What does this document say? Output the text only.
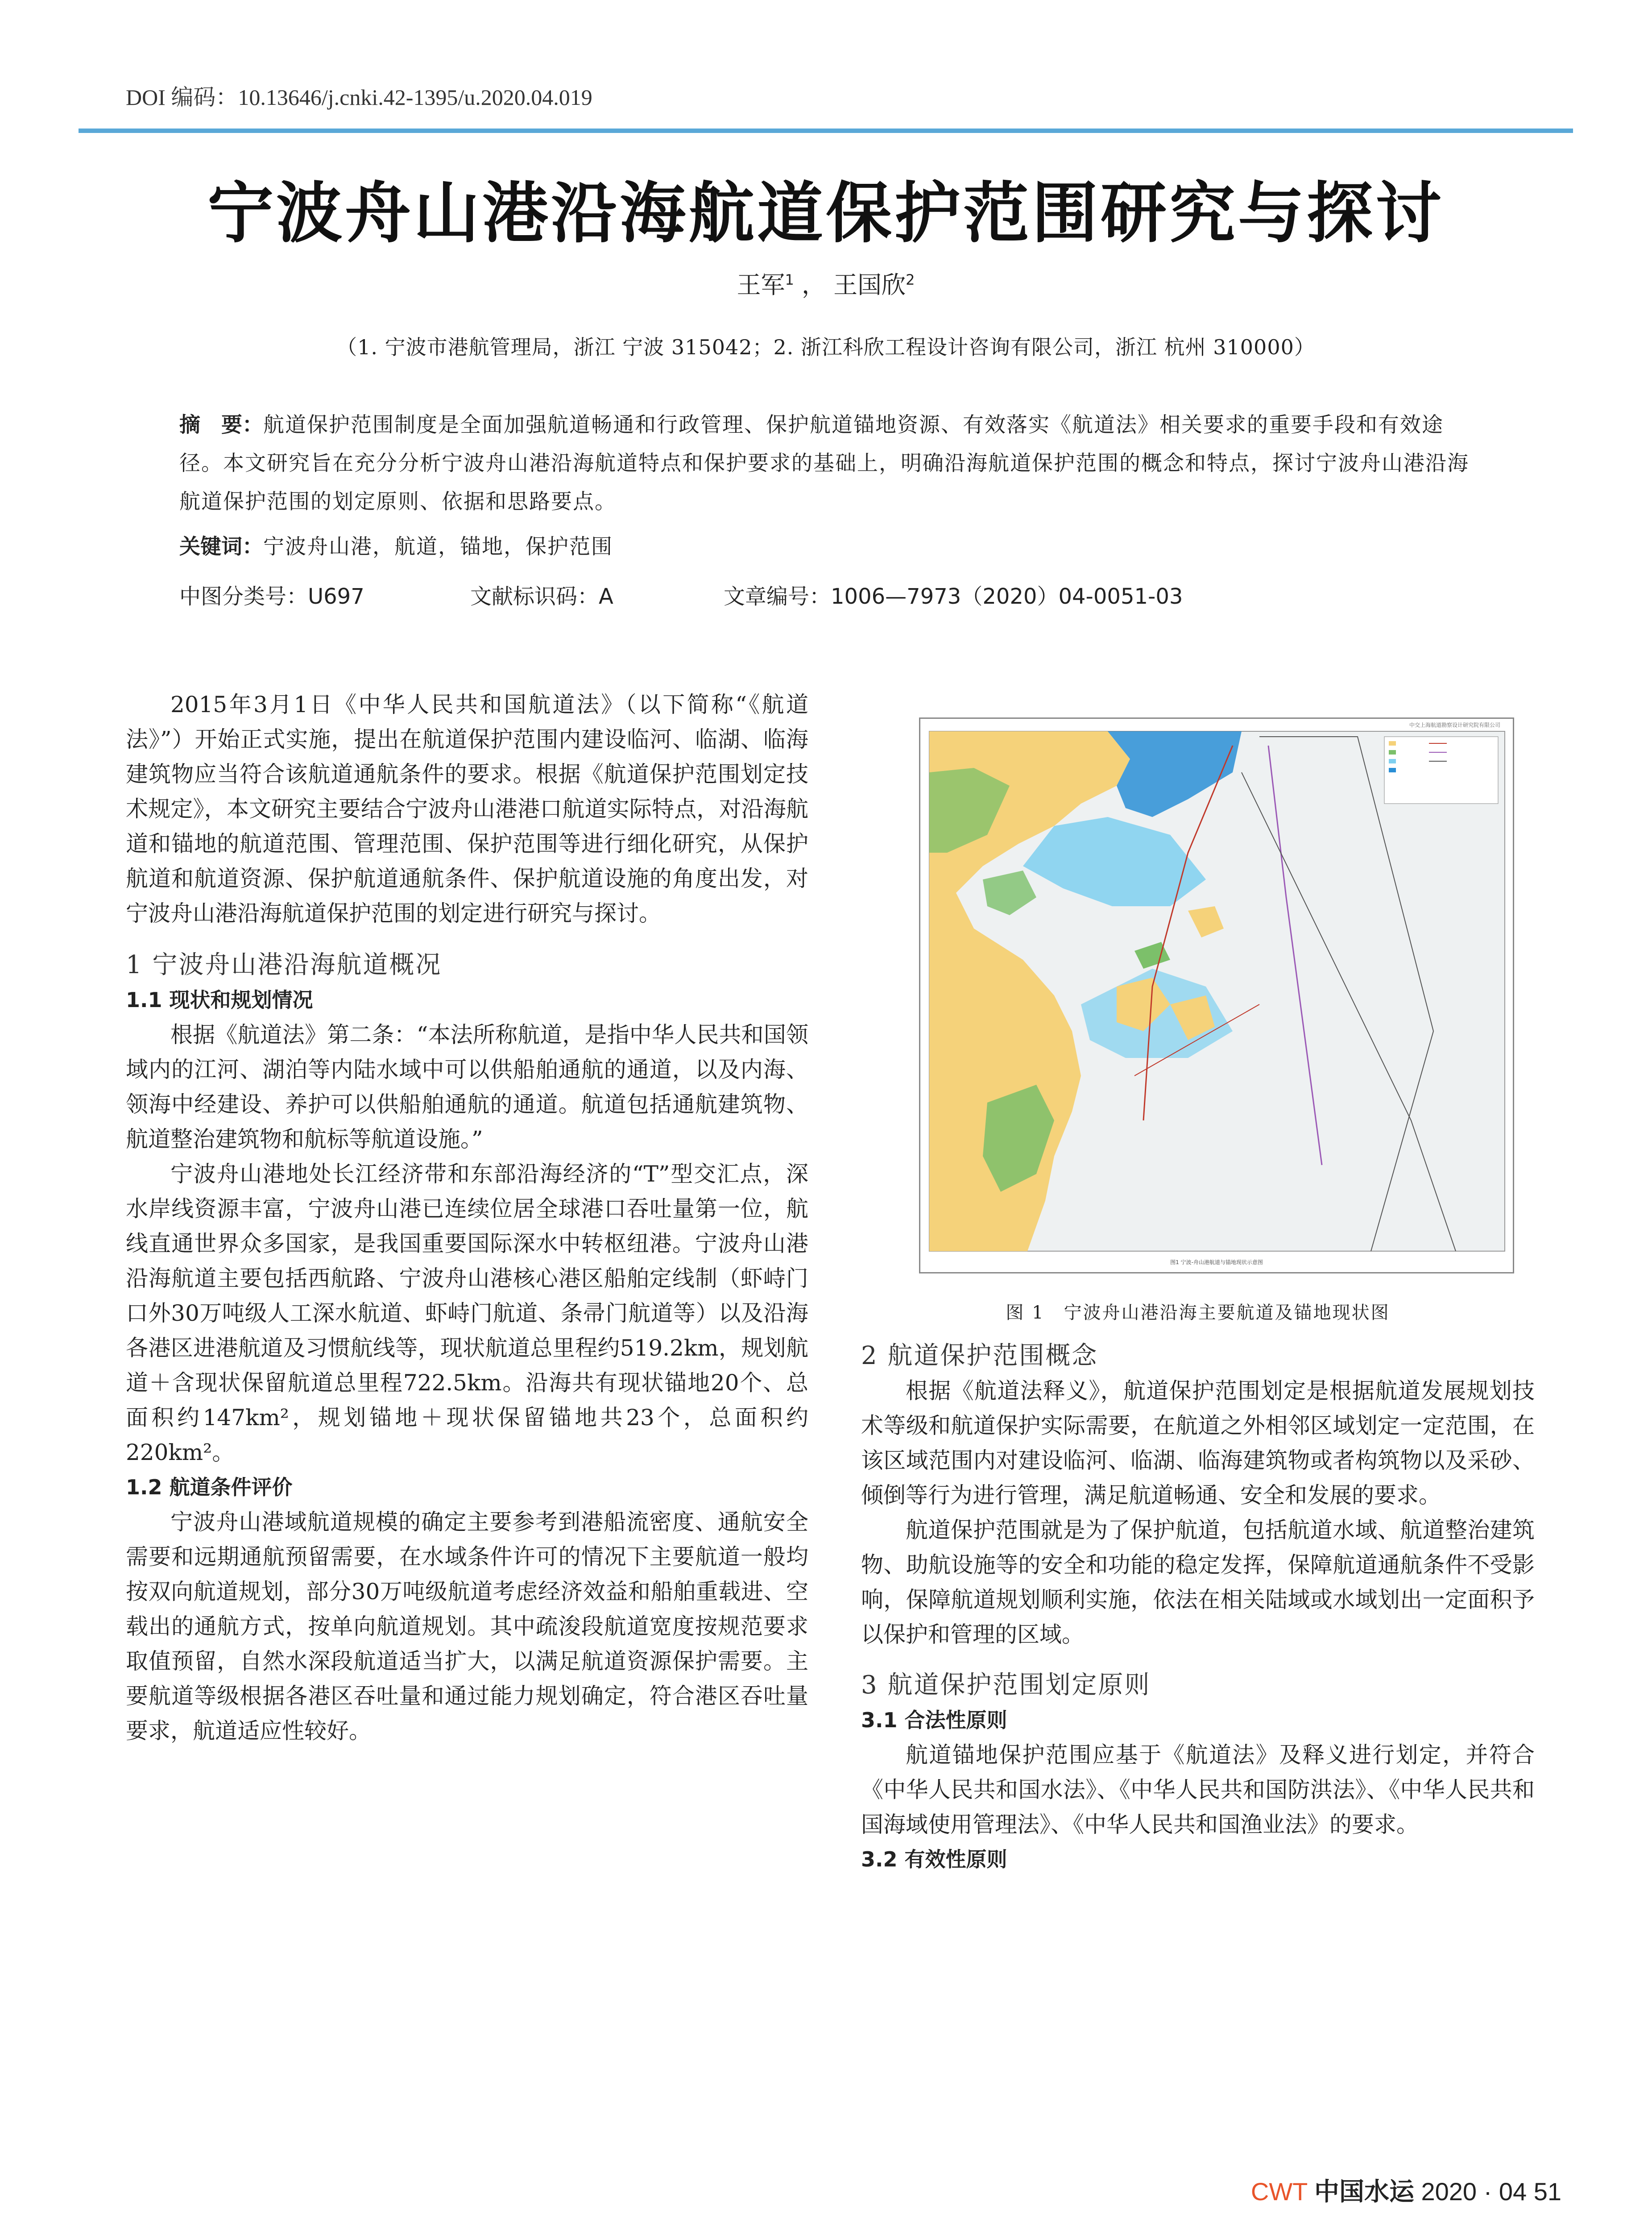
DOI 编码：10.13646/j.cnki.42-1395/u.2020.04.019
宁波舟山港沿海航道保护范围研究与探讨
王军$^1$ ， 王国欣$^2$
（1. 宁波市港航管理局，浙江 宁波 315042；2. 浙江科欣工程设计咨询有限公司，浙江 杭州 310000）
摘　要：航道保护范围制度是全面加强航道畅通和行政管理、保护航道锚地资源、有效落实《航道法》相关要求的重要手段和有效途径。本文研究旨在充分分析宁波舟山港沿海航道特点和保护要求的基础上，明确沿海航道保护范围的概念和特点，探讨宁波舟山港沿海航道保护范围的划定原则、依据和思路要点。
关键词：宁波舟山港，航道，锚地，保护范围
中图分类号：U697	文献标识码：A	文章编号：1006—7973（2020）04-0051-03

2015年3月1日《中华人民共和国航道法》（以下简称“《航道法》”）开始正式实施，提出在航道保护范围内建设临河、临湖、临海建筑物应当符合该航道通航条件的要求。根据《航道保护范围划定技术规定》，本文研究主要结合宁波舟山港港口航道实际特点，对沿海航道和锚地的航道范围、管理范围、保护范围等进行细化研究，从保护航道和航道资源、保护航道通航条件、保护航道设施的角度出发，对宁波舟山港沿海航道保护范围的划定进行研究与探讨。

1 宁波舟山港沿海航道概况
1.1 现状和规划情况

根据《航道法》第二条：“本法所称航道，是指中华人民共和国领域内的江河、湖泊等内陆水域中可以供船舶通航的通道，以及内海、领海中经建设、养护可以供船舶通航的通道。航道包括通航建筑物、航道整治建筑物和航标等航道设施。”

宁波舟山港地处长江经济带和东部沿海经济的“T”型交汇点，深水岸线资源丰富，宁波舟山港已连续位居全球港口吞吐量第一位，航线直通世界众多国家，是我国重要国际深水中转枢纽港。宁波舟山港沿海航道主要包括西航路、宁波舟山港核心港区船舶定线制（虾峙门口外30万吨级人工深水航道、虾峙门航道、条帚门航道等）以及沿海各港区进港航道及习惯航线等，现状航道总里程约519.2km，规划航道＋含现状保留航道总里程722.5km。沿海共有现状锚地20个、总面积约147km²，规划锚地＋现状保留锚地共23个，总面积约220km²。

1.2 航道条件评价

宁波舟山港域航道规模的确定主要参考到港船流密度、通航安全需要和远期通航预留需要，在水域条件许可的情况下主要航道一般均按双向航道规划，部分30万吨级航道考虑经济效益和船舶重载进、空载出的通航方式，按单向航道规划。其中疏浚段航道宽度按规范要求取值预留，自然水深段航道适当扩大，以满足航道资源保护需要。主要航道等级根据各港区吞吐量和通过能力规划确定，符合港区吞吐量要求，航道适应性较好。

中交上海航道勘察设计研究院有限公司
图1 宁波-舟山港航道与锚地现状示意图
图 1　宁波舟山港沿海主要航道及锚地现状图
2 航道保护范围概念

根据《航道法释义》，航道保护范围划定是根据航道发展规划技术等级和航道保护实际需要，在航道之外相邻区域划定一定范围，在该区域范围内对建设临河、临湖、临海建筑物或者构筑物以及采砂、倾倒等行为进行管理，满足航道畅通、安全和发展的要求。

航道保护范围就是为了保护航道，包括航道水域、航道整治建筑物、助航设施等的安全和功能的稳定发挥，保障航道通航条件不受影响，保障航道规划顺利实施，依法在相关陆域或水域划出一定面积予以保护和管理的区域。

3 航道保护范围划定原则
3.1 合法性原则

航道锚地保护范围应基于《航道法》及释义进行划定，并符合《中华人民共和国水法》、《中华人民共和国防洪法》、《中华人民共和国海域使用管理法》、《中华人民共和国渔业法》的要求。

3.2 有效性原则
CWT 中国水运 2020 · 04 51
